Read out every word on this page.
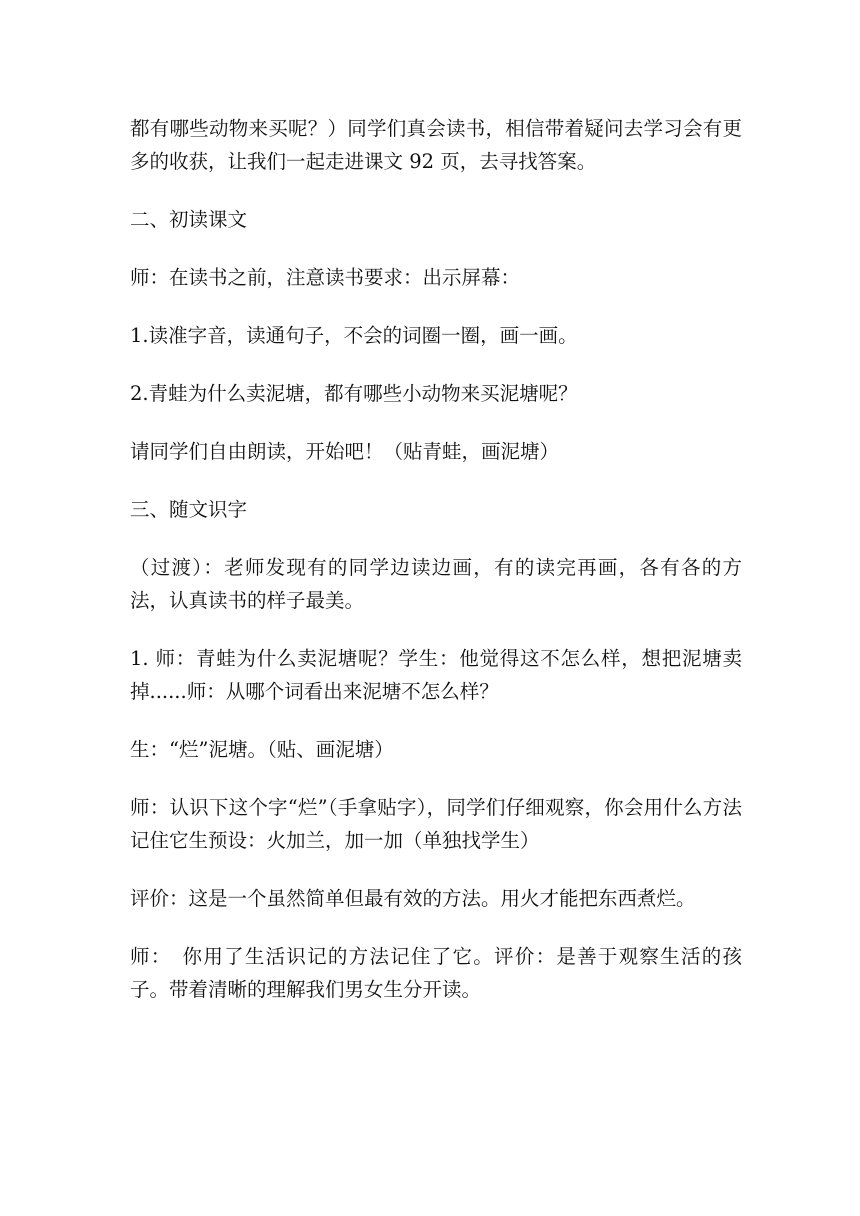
都有哪些动物来买呢？）同学们真会读书，相信带着疑问去学习会有更多的收获，让我们一起走进课文 92 页，去寻找答案。

二、初读课文

师：在读书之前，注意读书要求：出示屏幕：

1.读准字音，读通句子，不会的词圈一圈，画一画。

2.青蛙为什么卖泥塘，都有哪些小动物来买泥塘呢？

请同学们自由朗读，开始吧！（贴青蛙，画泥塘）

三、随文识字

（过渡）：老师发现有的同学边读边画，有的读完再画，各有各的方法，认真读书的样子最美。

1. 师：青蛙为什么卖泥塘呢？学生：他觉得这不怎么样，想把泥塘卖掉......师：从哪个词看出来泥塘不怎么样？

生：“烂”泥塘。（贴、画泥塘）

师：认识下这个字“烂”（手拿贴字），同学们仔细观察，你会用什么方法记住它生预设：火加兰，加一加（单独找学生）

评价：这是一个虽然简单但最有效的方法。用火才能把东西煮烂。

师：　你用了生活识记的方法记住了它。评价：是善于观察生活的孩子。带着清晰的理解我们男女生分开读。
